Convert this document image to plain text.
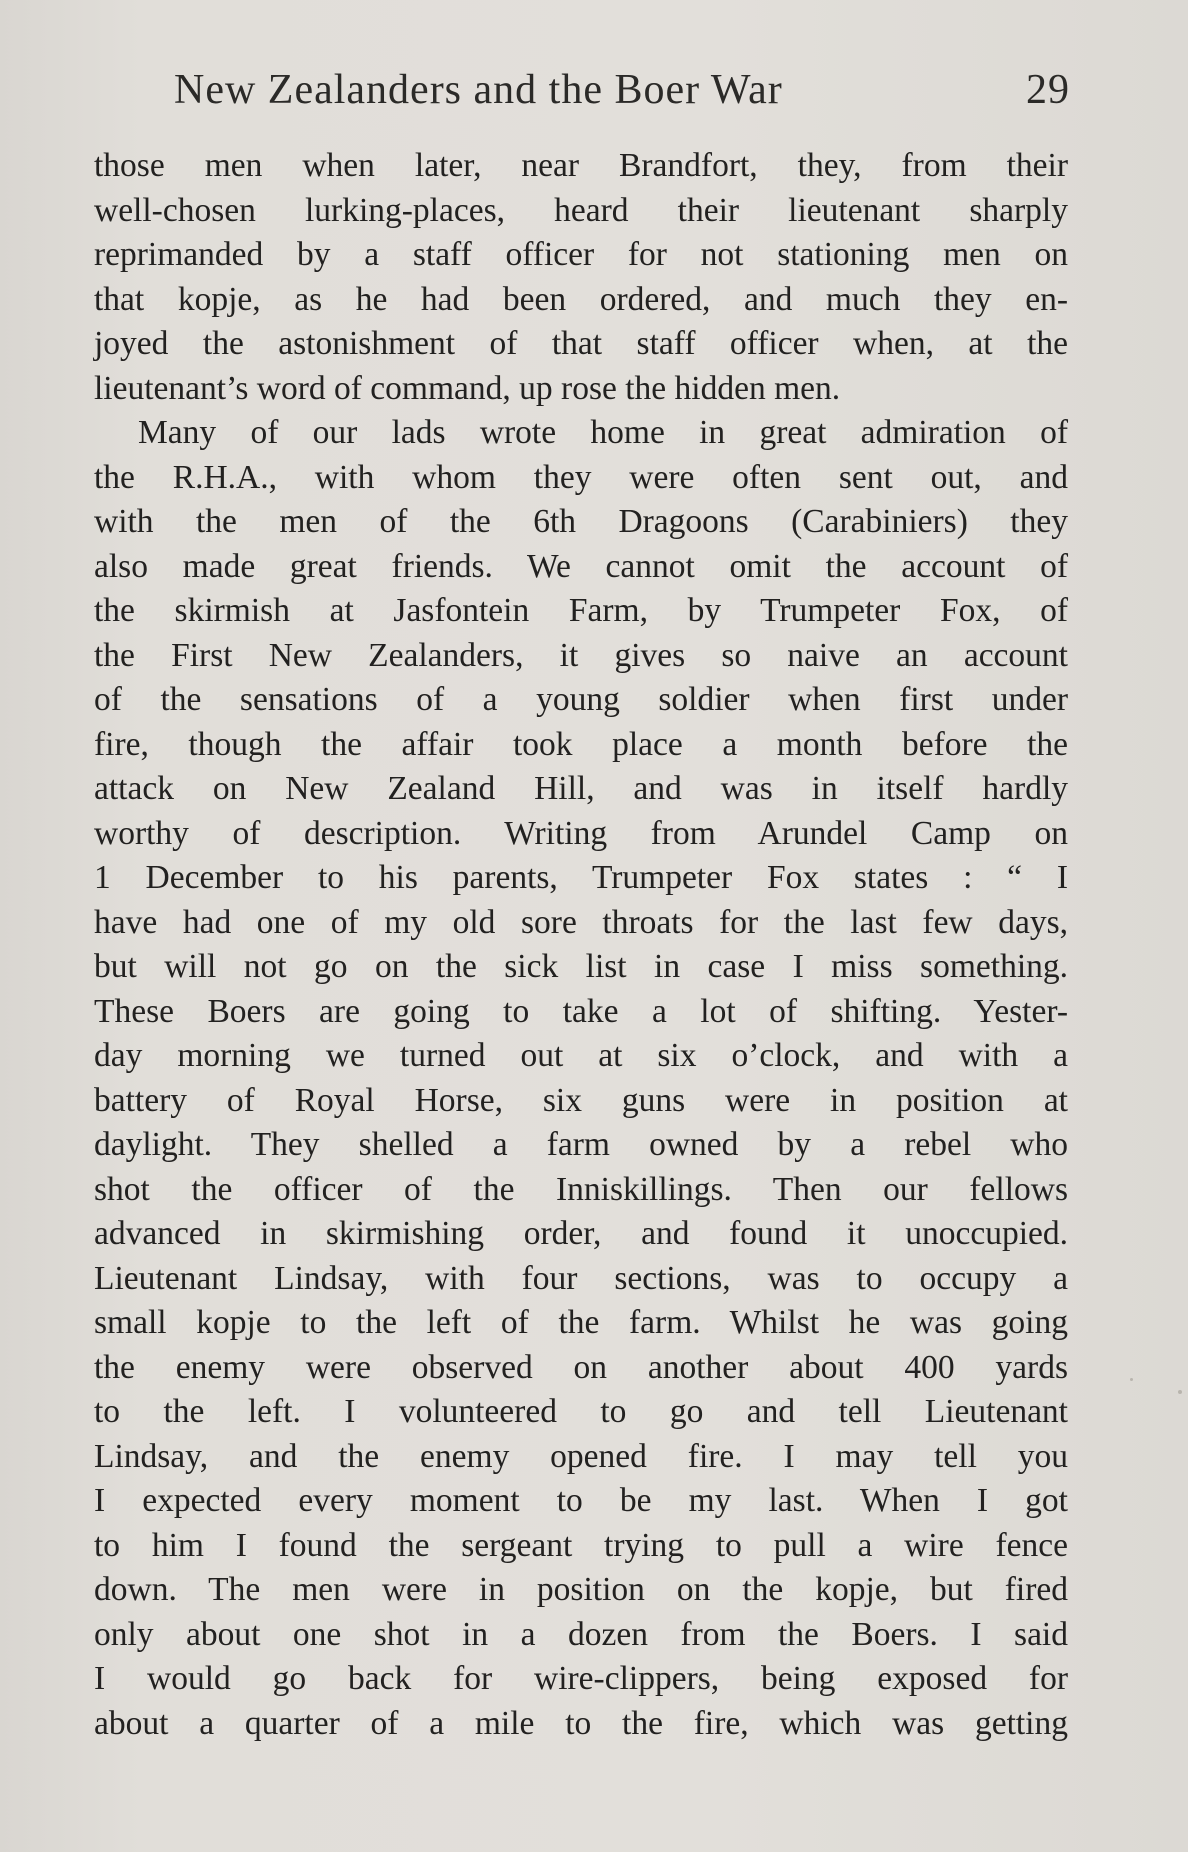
New Zealanders and the Boer War	29
those men when later, near Brandfort, they, from their
well-chosen lurking-places, heard their lieutenant sharply
reprimanded by a staff officer for not stationing men on
that kopje, as he had been ordered, and much they en-
joyed the astonishment of that staff officer when, at the
lieutenant’s word of command, up rose the hidden men.
Many of our lads wrote home in great admiration of
the R.H.A., with whom they were often sent out, and
with the men of the 6th Dragoons (Carabiniers) they
also made great friends. We cannot omit the account of
the skirmish at Jasfontein Farm, by Trumpeter Fox, of
the First New Zealanders, it gives so naive an account
of the sensations of a young soldier when first under
fire, though the affair took place a month before the
attack on New Zealand Hill, and was in itself hardly
worthy of description. Writing from Arundel Camp on
1 December to his parents, Trumpeter Fox states : “ I
have had one of my old sore throats for the last few days,
but will not go on the sick list in case I miss something.
These Boers are going to take a lot of shifting. Yester-
day morning we turned out at six o’clock, and with a
battery of Royal Horse, six guns were in position at
daylight. They shelled a farm owned by a rebel who
shot the officer of the Inniskillings. Then our fellows
advanced in skirmishing order, and found it unoccupied.
Lieutenant Lindsay, with four sections, was to occupy a
small kopje to the left of the farm. Whilst he was going
the enemy were observed on another about 400 yards
to the left. I volunteered to go and tell Lieutenant
Lindsay, and the enemy opened fire. I may tell you
I expected every moment to be my last. When I got
to him I found the sergeant trying to pull a wire fence
down. The men were in position on the kopje, but fired
only about one shot in a dozen from the Boers. I said
I would go back for wire-clippers, being exposed for
about a quarter of a mile to the fire, which was getting
